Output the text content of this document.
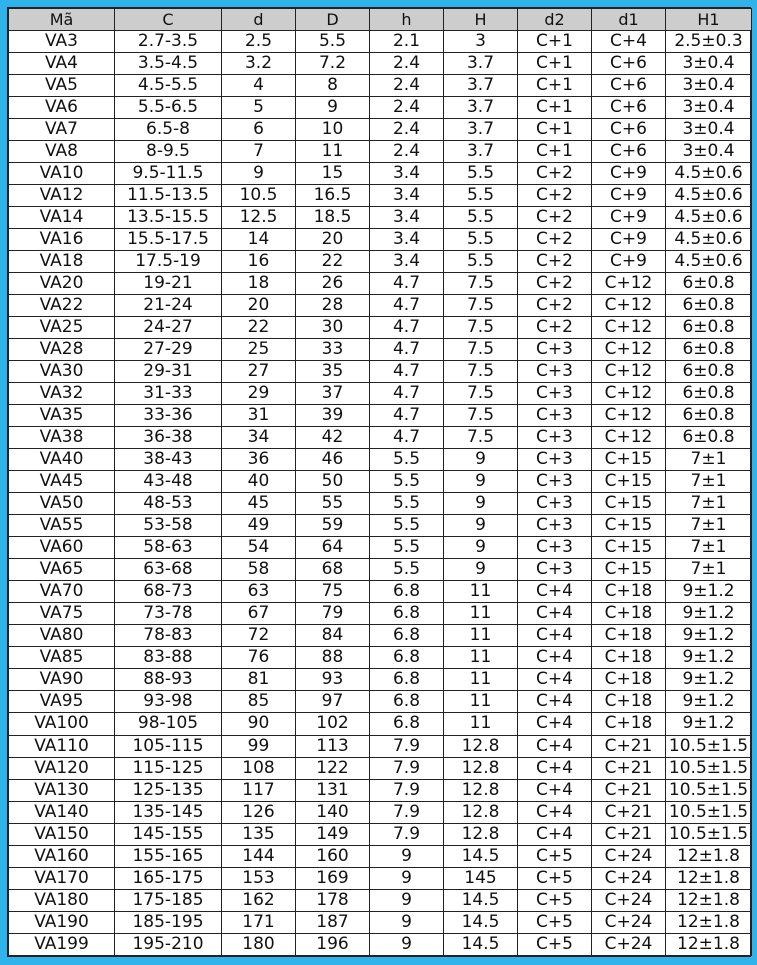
Mã	C	d	D	h	H	d2	d1	H1
VA3	2.7-3.5	2.5	5.5	2.1	3	C+1	C+4	2.5±0.3
VA4	3.5-4.5	3.2	7.2	2.4	3.7	C+1	C+6	3±0.4
VA5	4.5-5.5	4	8	2.4	3.7	C+1	C+6	3±0.4
VA6	5.5-6.5	5	9	2.4	3.7	C+1	C+6	3±0.4
VA7	6.5-8	6	10	2.4	3.7	C+1	C+6	3±0.4
VA8	8-9.5	7	11	2.4	3.7	C+1	C+6	3±0.4
VA10	9.5-11.5	9	15	3.4	5.5	C+2	C+9	4.5±0.6
VA12	11.5-13.5	10.5	16.5	3.4	5.5	C+2	C+9	4.5±0.6
VA14	13.5-15.5	12.5	18.5	3.4	5.5	C+2	C+9	4.5±0.6
VA16	15.5-17.5	14	20	3.4	5.5	C+2	C+9	4.5±0.6
VA18	17.5-19	16	22	3.4	5.5	C+2	C+9	4.5±0.6
VA20	19-21	18	26	4.7	7.5	C+2	C+12	6±0.8
VA22	21-24	20	28	4.7	7.5	C+2	C+12	6±0.8
VA25	24-27	22	30	4.7	7.5	C+2	C+12	6±0.8
VA28	27-29	25	33	4.7	7.5	C+3	C+12	6±0.8
VA30	29-31	27	35	4.7	7.5	C+3	C+12	6±0.8
VA32	31-33	29	37	4.7	7.5	C+3	C+12	6±0.8
VA35	33-36	31	39	4.7	7.5	C+3	C+12	6±0.8
VA38	36-38	34	42	4.7	7.5	C+3	C+12	6±0.8
VA40	38-43	36	46	5.5	9	C+3	C+15	7±1
VA45	43-48	40	50	5.5	9	C+3	C+15	7±1
VA50	48-53	45	55	5.5	9	C+3	C+15	7±1
VA55	53-58	49	59	5.5	9	C+3	C+15	7±1
VA60	58-63	54	64	5.5	9	C+3	C+15	7±1
VA65	63-68	58	68	5.5	9	C+3	C+15	7±1
VA70	68-73	63	75	6.8	11	C+4	C+18	9±1.2
VA75	73-78	67	79	6.8	11	C+4	C+18	9±1.2
VA80	78-83	72	84	6.8	11	C+4	C+18	9±1.2
VA85	83-88	76	88	6.8	11	C+4	C+18	9±1.2
VA90	88-93	81	93	6.8	11	C+4	C+18	9±1.2
VA95	93-98	85	97	6.8	11	C+4	C+18	9±1.2
VA100	98-105	90	102	6.8	11	C+4	C+18	9±1.2
VA110	105-115	99	113	7.9	12.8	C+4	C+21	10.5±1.5
VA120	115-125	108	122	7.9	12.8	C+4	C+21	10.5±1.5
VA130	125-135	117	131	7.9	12.8	C+4	C+21	10.5±1.5
VA140	135-145	126	140	7.9	12.8	C+4	C+21	10.5±1.5
VA150	145-155	135	149	7.9	12.8	C+4	C+21	10.5±1.5
VA160	155-165	144	160	9	14.5	C+5	C+24	12±1.8
VA170	165-175	153	169	9	145	C+5	C+24	12±1.8
VA180	175-185	162	178	9	14.5	C+5	C+24	12±1.8
VA190	185-195	171	187	9	14.5	C+5	C+24	12±1.8
VA199	195-210	180	196	9	14.5	C+5	C+24	12±1.8
